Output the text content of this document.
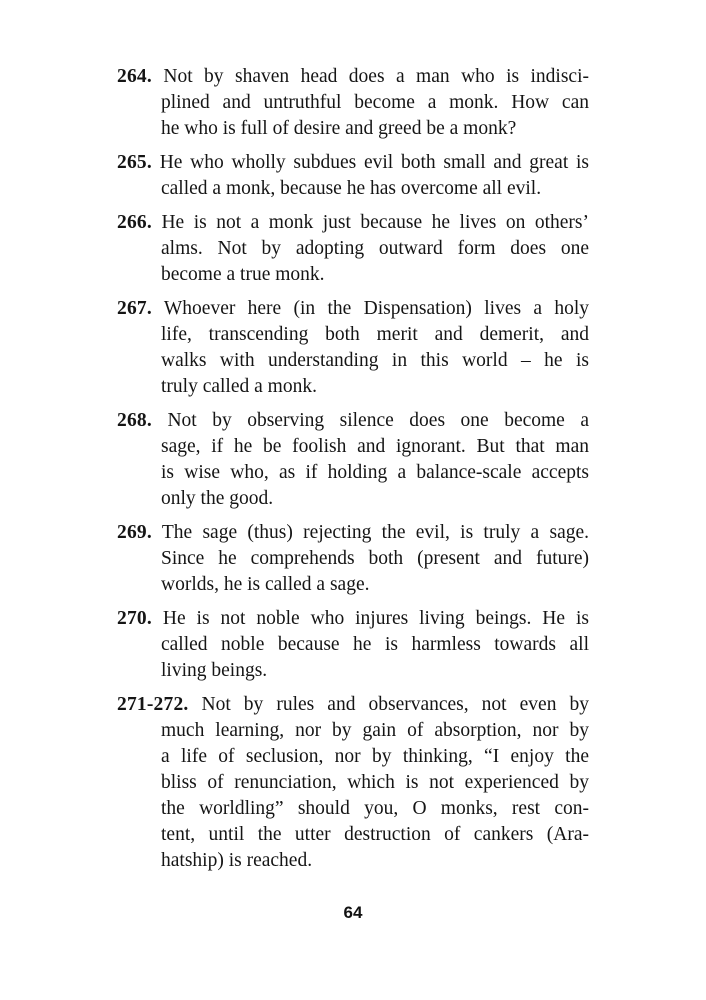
264. Not by shaven head does a man who is indisci-
plined and untruthful become a monk. How can
he who is full of desire and greed be a monk?
265. He who wholly subdues evil both small and great is
called a monk, because he has overcome all evil.
266. He is not a monk just because he lives on others’
alms. Not by adopting outward form does one
become a true monk.
267. Whoever here (in the Dispensation) lives a holy
life, transcending both merit and demerit, and
walks with understanding in this world – he is
truly called a monk.
268. Not by observing silence does one become a
sage, if he be foolish and ignorant. But that man
is wise who, as if holding a balance-scale accepts
only the good.
269. The sage (thus) rejecting the evil, is truly a sage.
Since he comprehends both (present and future)
worlds, he is called a sage.
270. He is not noble who injures living beings. He is
called noble because he is harmless towards all
living beings.
271-272. Not by rules and observances, not even by
much learning, nor by gain of absorption, nor by
a life of seclusion, nor by thinking, “I enjoy the
bliss of renunciation, which is not experienced by
the worldling” should you, O monks, rest con-
tent, until the utter destruction of cankers (Ara-
hatship) is reached.
64
